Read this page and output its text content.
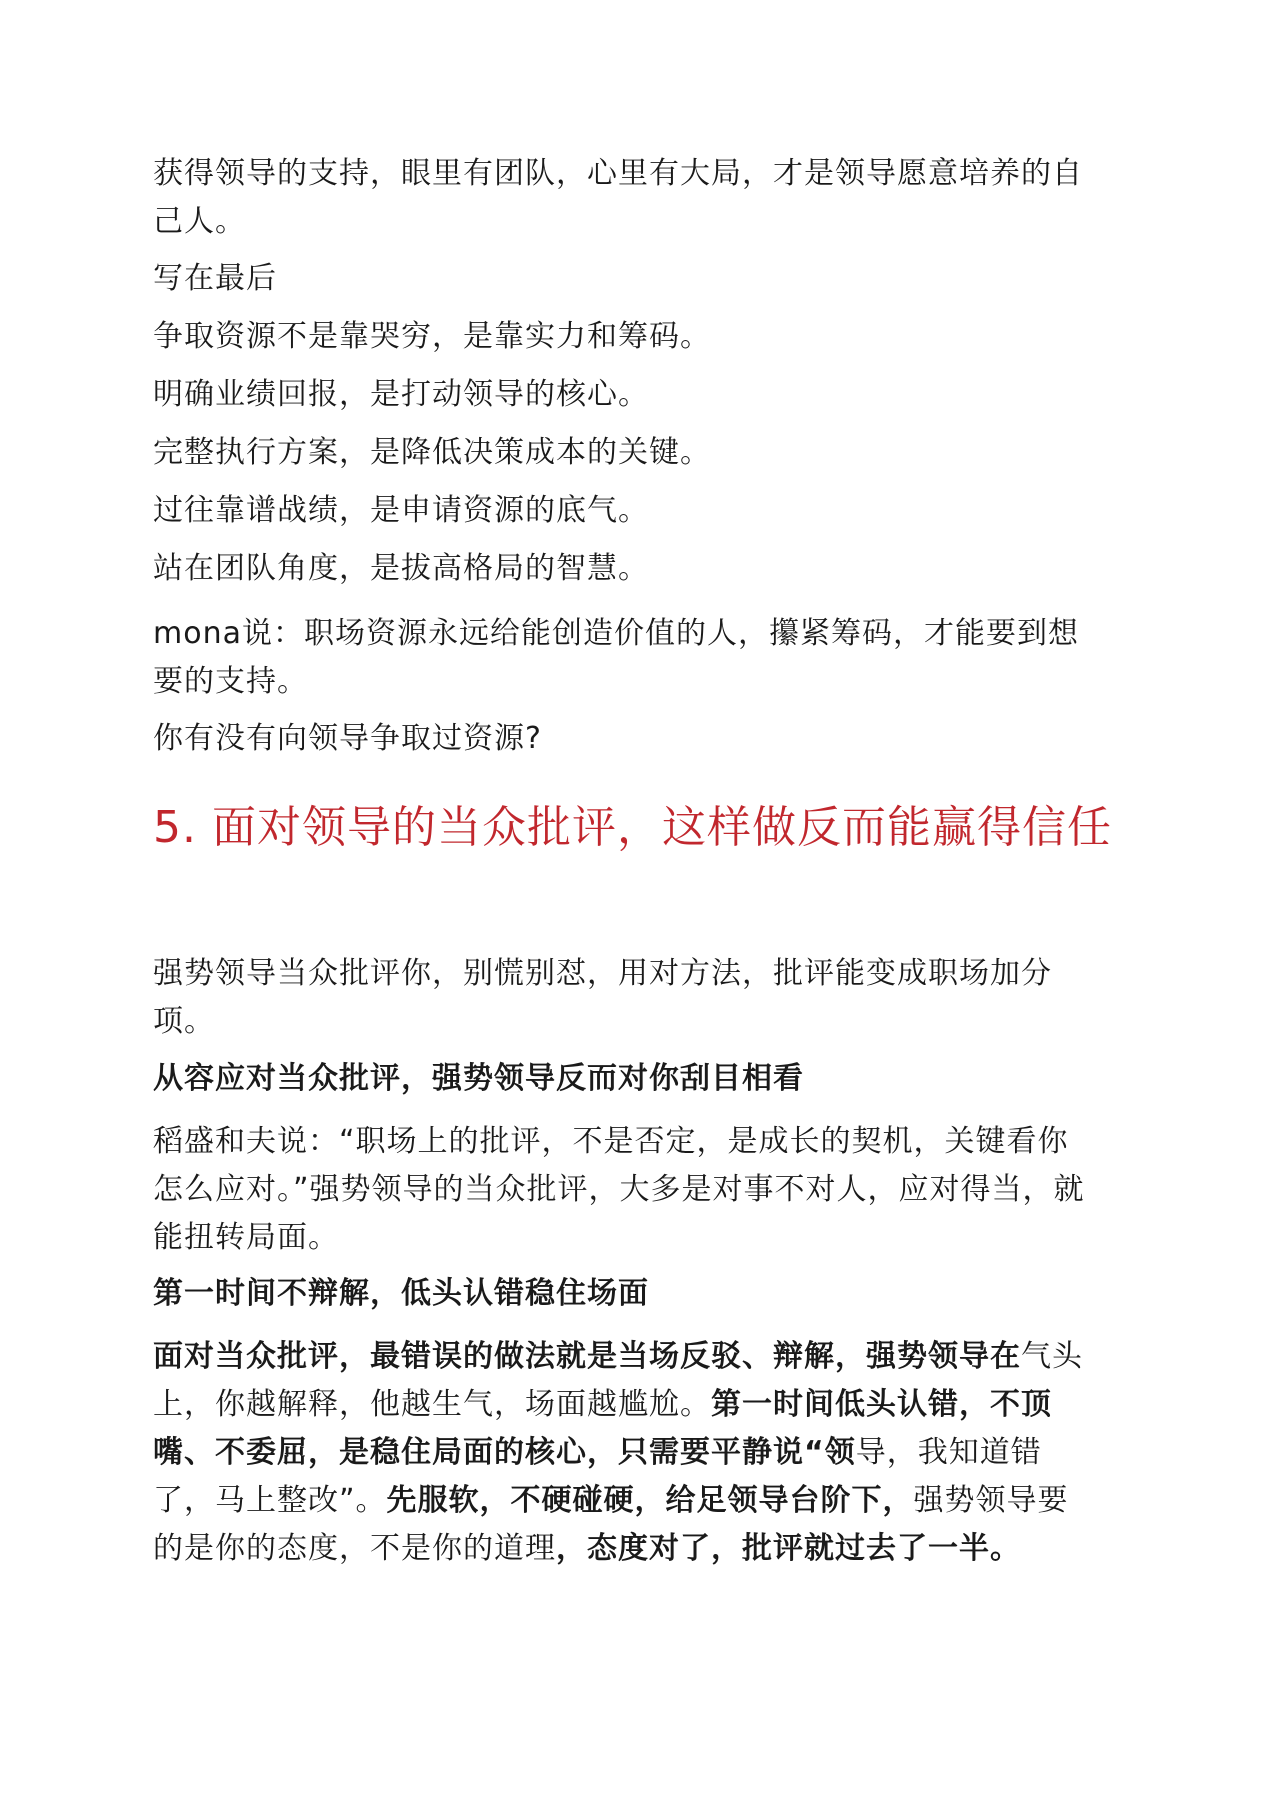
获得领导的支持，眼里有团队，心里有大局，才是领导愿意培养的自己人。
写在最后
争取资源不是靠哭穷，是靠实力和筹码。
明确业绩回报，是打动领导的核心。
完整执行方案，是降低决策成本的关键。
过往靠谱战绩，是申请资源的底气。
站在团队角度，是拔高格局的智慧。
mona说：职场资源永远给能创造价值的人，攥紧筹码，才能要到想要的支持。
你有没有向领导争取过资源?
5. 面对领导的当众批评，这样做反而能赢得信任
强势领导当众批评你，别慌别怼，用对方法，批评能变成职场加分项。
从容应对当众批评，强势领导反而对你刮目相看
稻盛和夫说：“职场上的批评，不是否定，是成长的契机，关键看你怎么应对。”强势领导的当众批评，大多是对事不对人，应对得当，就能扭转局面。
第一时间不辩解，低头认错稳住场面
面对当众批评，最错误的做法就是当场反驳、辩解，强势领导在气头上，你越解释，他越生气，场面越尴尬。第一时间低头认错，不顶嘴、不委屈，是稳住局面的核心，只需要平静说“领导，我知道错了，马上整改”。先服软，不硬碰硬，给足领导台阶下，强势领导要的是你的态度，不是你的道理，态度对了，批评就过去了一半。
